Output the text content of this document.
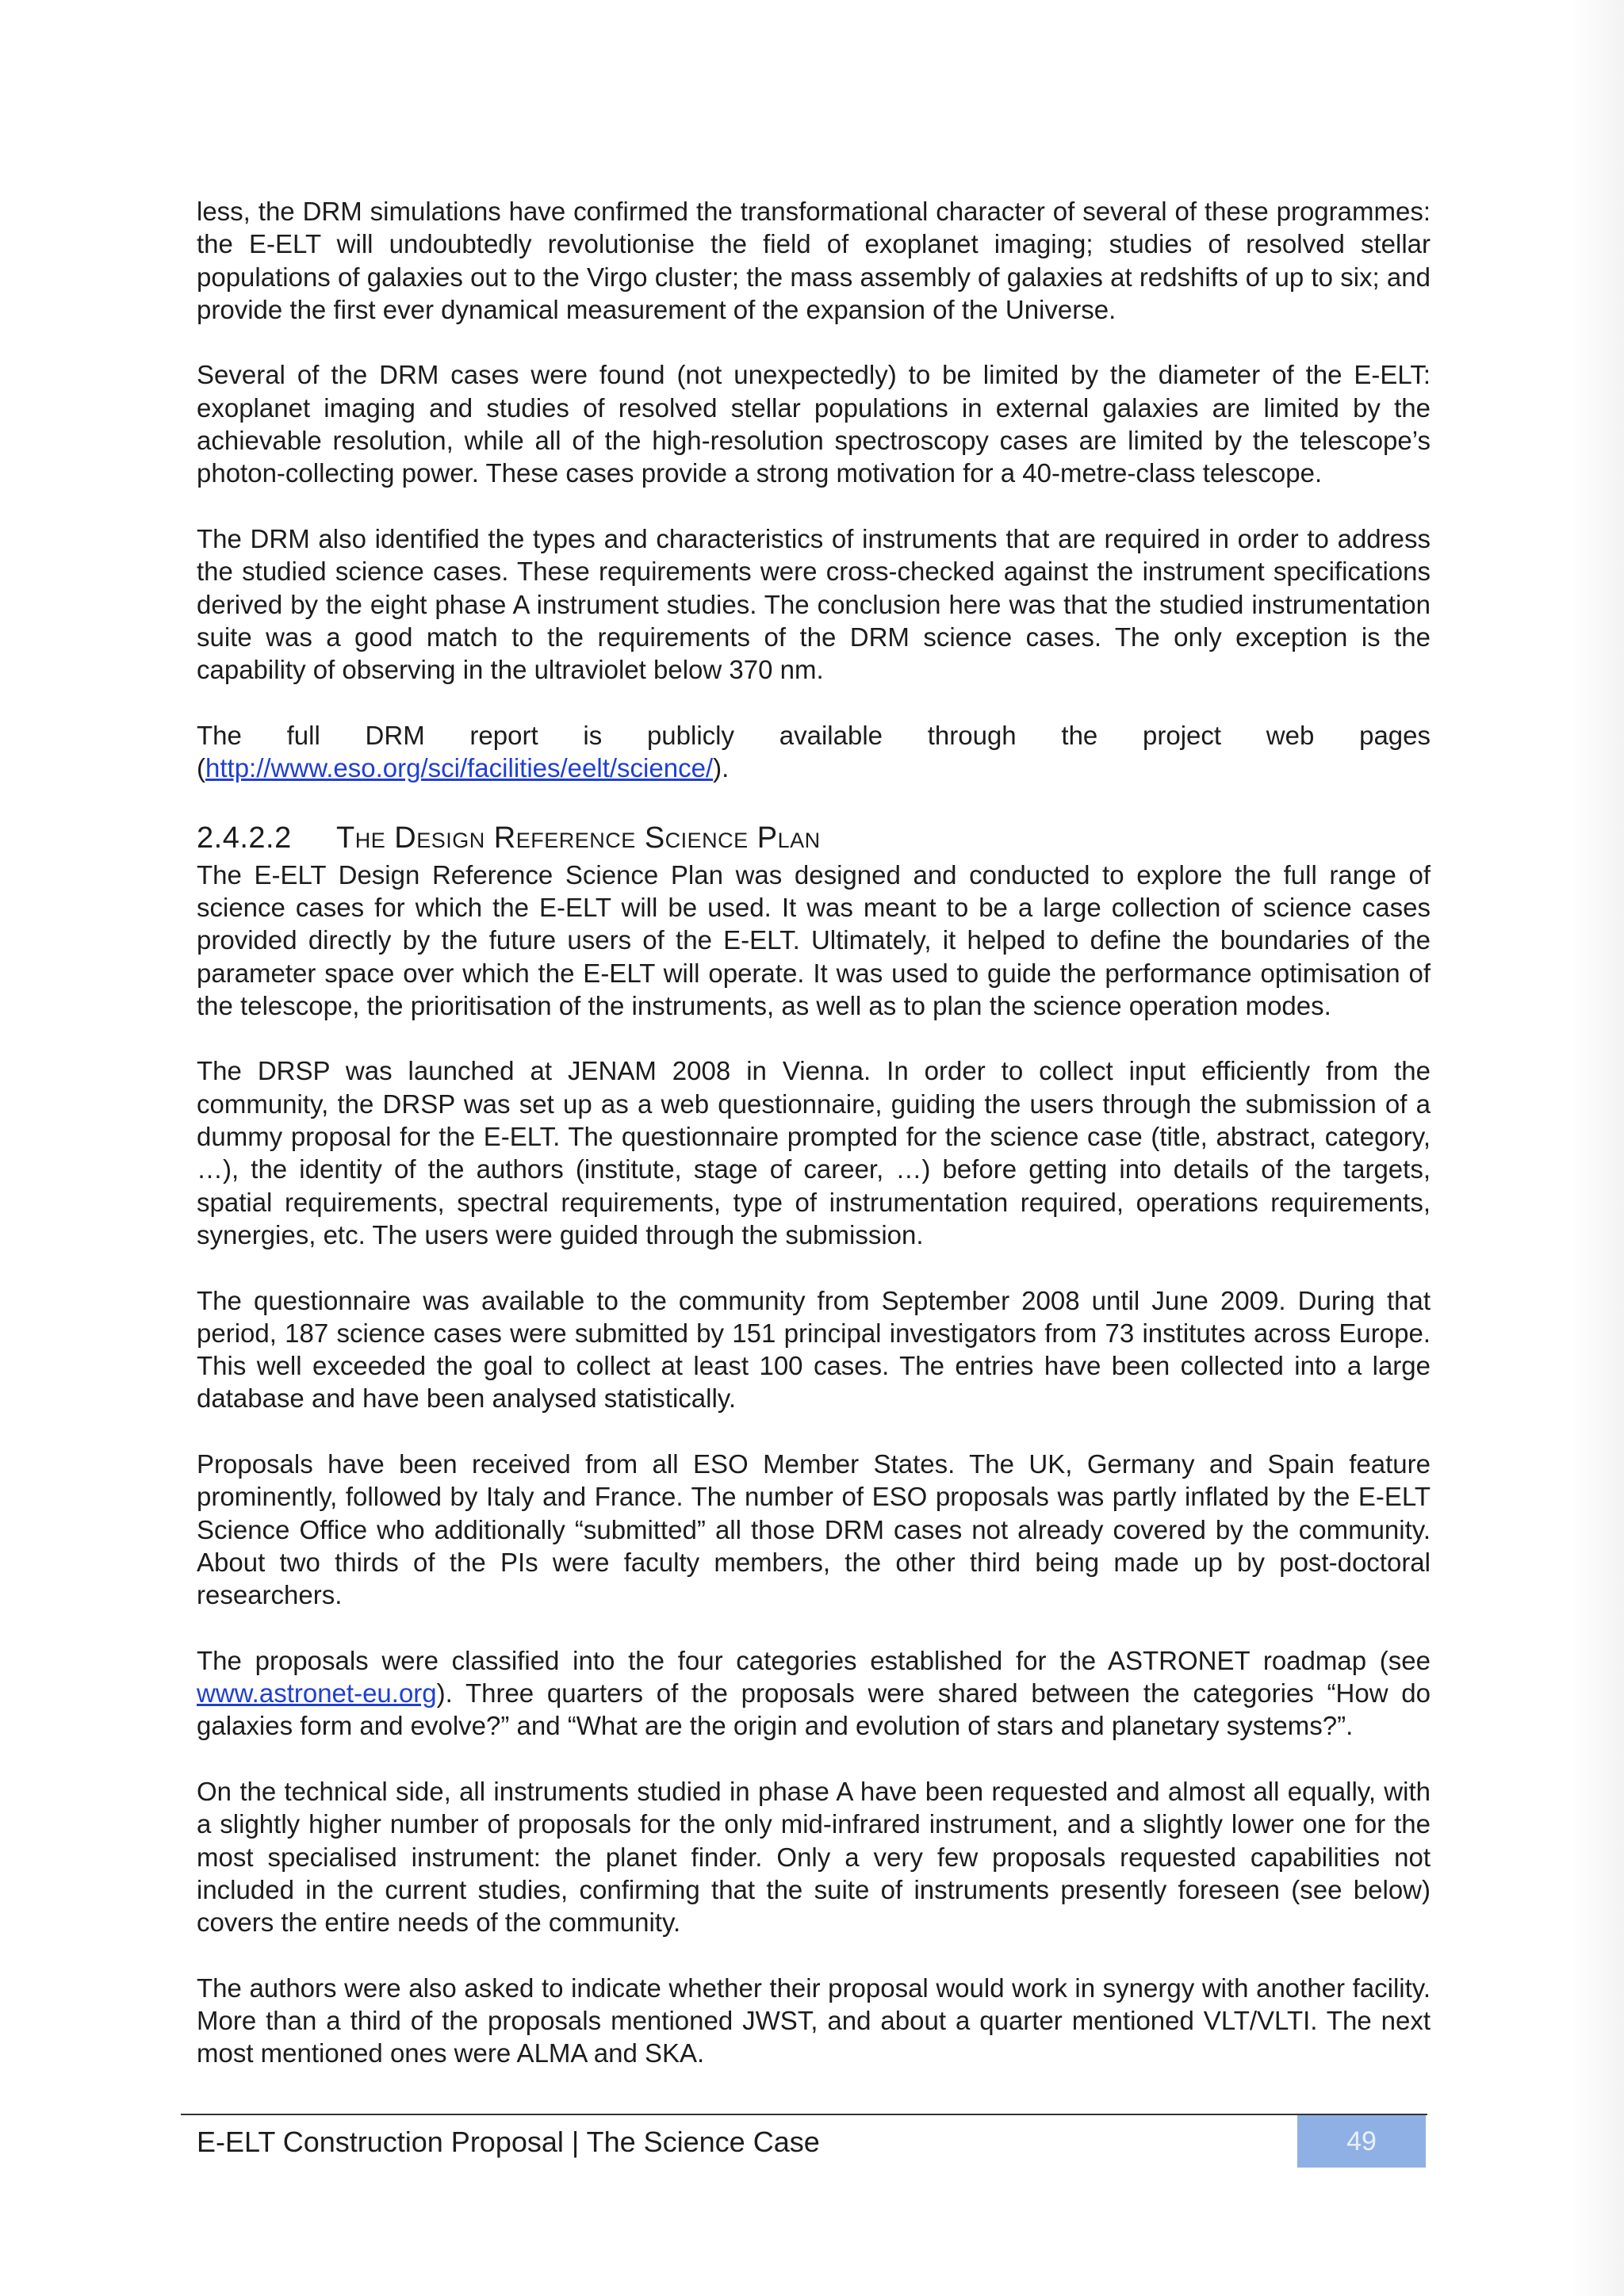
less, the DRM simulations have confirmed the transformational character of several of these programmes: the E-ELT will undoubtedly revolutionise the field of exoplanet imaging; studies of resolved stellar populations of galaxies out to the Virgo cluster; the mass assembly of galaxies at redshifts of up to six; and provide the first ever dynamical measurement of the expansion of the Universe.

Several of the DRM cases were found (not unexpectedly) to be limited by the diameter of the E-ELT: exoplanet imaging and studies of resolved stellar populations in external galaxies are limited by the achievable resolution, while all of the high-resolution spectroscopy cases are limited by the telescope’s photon-collecting power. These cases provide a strong motivation for a 40-metre-class telescope.

The DRM also identified the types and characteristics of instruments that are required in order to address the studied science cases. These requirements were cross-checked against the instrument specifications derived by the eight phase A instrument studies. The conclusion here was that the studied instrumentation suite was a good match to the requirements of the DRM science cases. The only exception is the capability of observing in the ultraviolet below 370 nm.

The full DRM report is publicly available through the project web pages (http://www.eso.org/sci/facilities/eelt/science/).

2.4.2.2 The Design Reference Science Plan

The E-ELT Design Reference Science Plan was designed and conducted to explore the full range of science cases for which the E-ELT will be used. It was meant to be a large collection of science cases provided directly by the future users of the E-ELT. Ultimately, it helped to define the boundaries of the parameter space over which the E-ELT will operate. It was used to guide the performance optimisation of the telescope, the prioritisation of the instruments, as well as to plan the science operation modes.

The DRSP was launched at JENAM 2008 in Vienna. In order to collect input efficiently from the community, the DRSP was set up as a web questionnaire, guiding the users through the submission of a dummy proposal for the E-ELT. The questionnaire prompted for the science case (title, abstract, category, …), the identity of the authors (institute, stage of career, …) before getting into details of the targets, spatial requirements, spectral requirements, type of instrumentation required, operations requirements, synergies, etc. The users were guided through the submission.

The questionnaire was available to the community from September 2008 until June 2009. During that period, 187 science cases were submitted by 151 principal investigators from 73 institutes across Europe. This well exceeded the goal to collect at least 100 cases. The entries have been collected into a large database and have been analysed statistically.

Proposals have been received from all ESO Member States. The UK, Germany and Spain feature prominently, followed by Italy and France. The number of ESO proposals was partly inflated by the E-ELT Science Office who additionally “submitted” all those DRM cases not already covered by the community. About two thirds of the PIs were faculty members, the other third being made up by post-doctoral researchers.

The proposals were classified into the four categories established for the ASTRONET roadmap (see www.astronet-eu.org). Three quarters of the proposals were shared between the categories “How do galaxies form and evolve?” and “What are the origin and evolution of stars and planetary systems?”.

On the technical side, all instruments studied in phase A have been requested and almost all equally, with a slightly higher number of proposals for the only mid-infrared instrument, and a slightly lower one for the most specialised instrument: the planet finder. Only a very few proposals requested capabilities not included in the current studies, confirming that the suite of instruments presently foreseen (see below) covers the entire needs of the community.

The authors were also asked to indicate whether their proposal would work in synergy with another facility. More than a third of the proposals mentioned JWST, and about a quarter mentioned VLT/VLTI. The next most mentioned ones were ALMA and SKA.

E-ELT Construction Proposal | The Science Case	49
